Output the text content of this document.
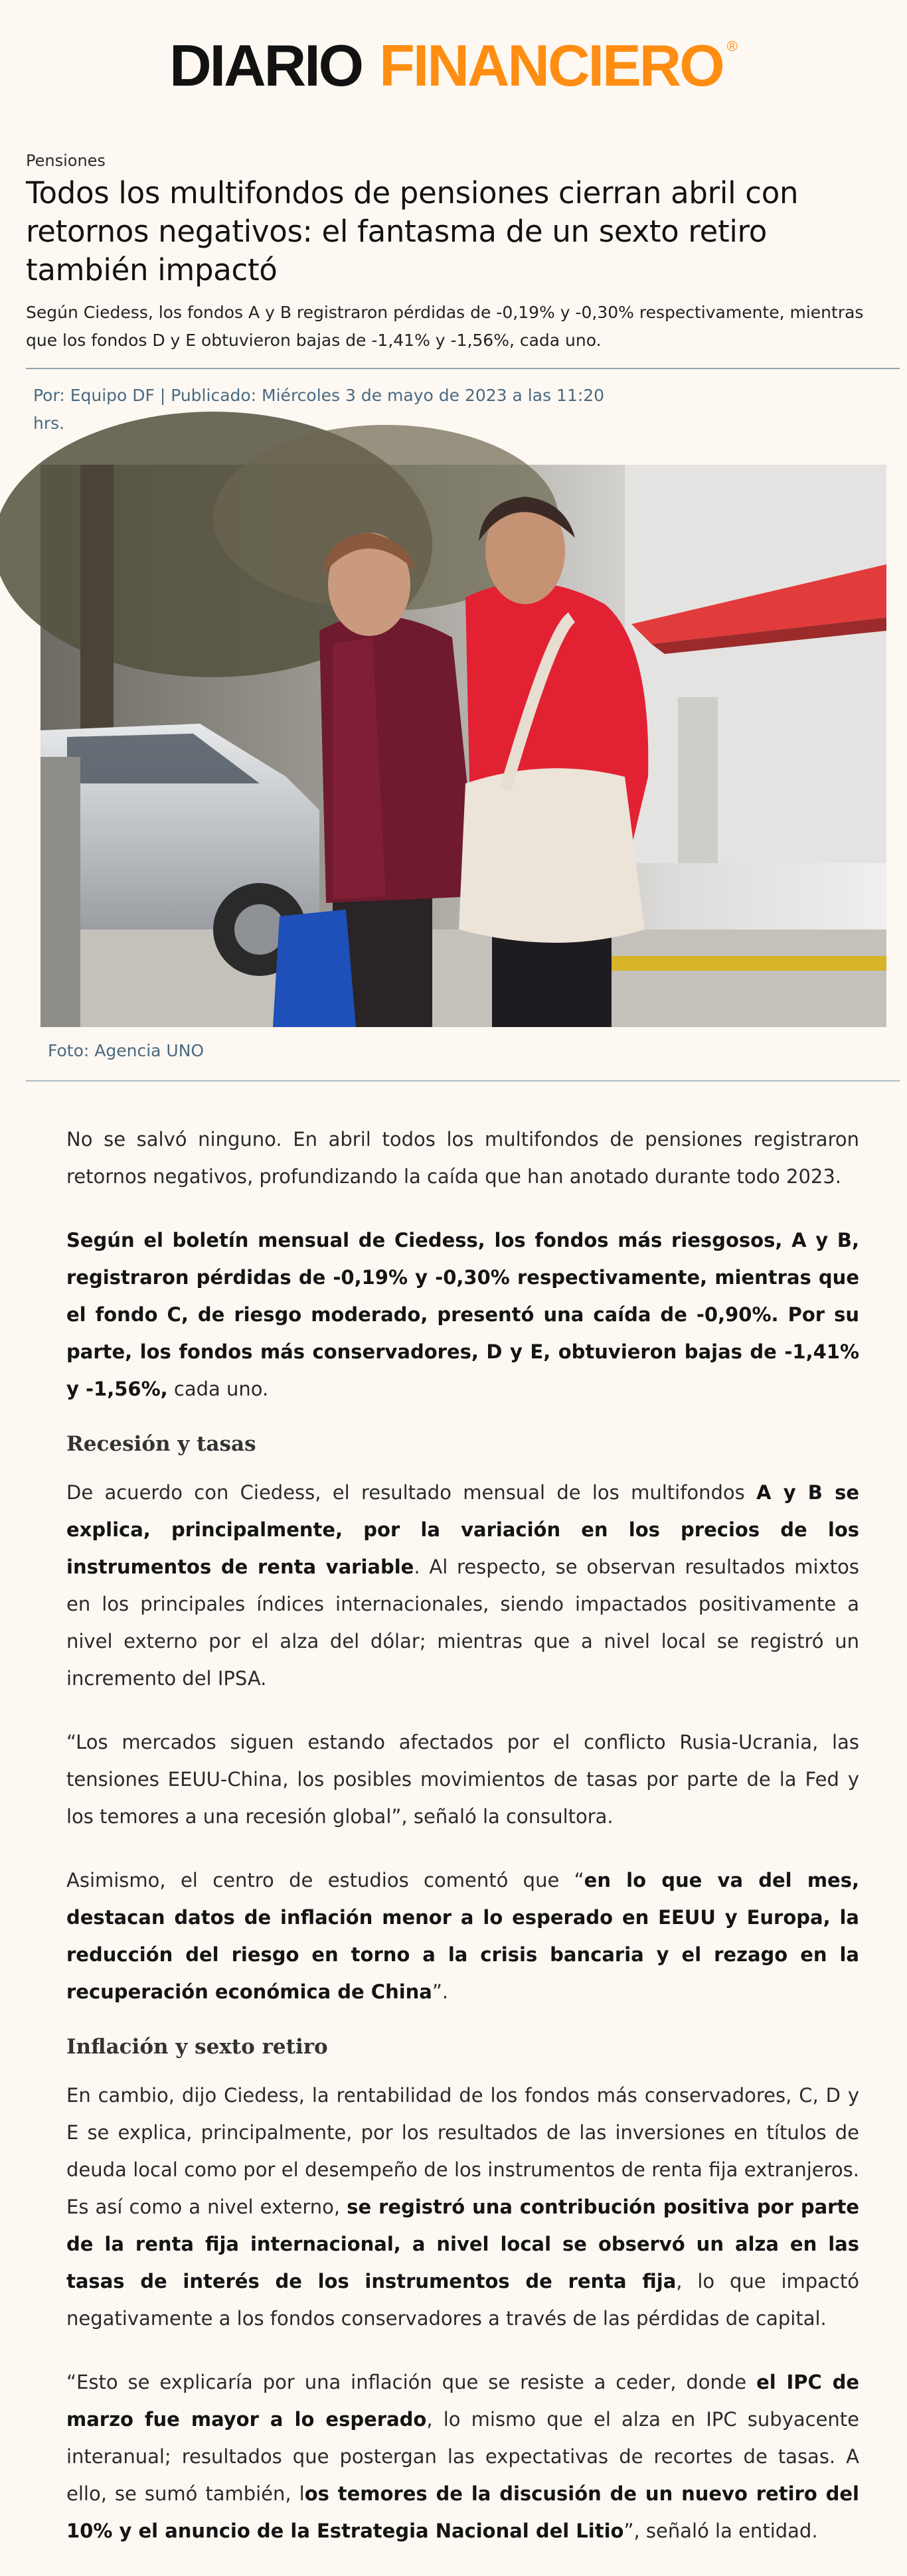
DIARIO FINANCIERO ®
Pensiones
Todos los multifondos de pensiones cierran abril con retornos negativos: el fantasma de un sexto retiro también impactó

Según Ciedess, los fondos A y B registraron pérdidas de -0,19% y -0,30% respectivamente, mientras que los fondos D y E obtuvieron bajas de -1,41% y -1,56%, cada uno.

Por: Equipo DF | Publicado: Miércoles 3 de mayo de 2023 a las 11:20 hrs.

Foto: Agencia UNO

No se salvó ninguno. En abril todos los multifondos de pensiones registraron retornos negativos, profundizando la caída que han anotado durante todo 2023.

Según el boletín mensual de Ciedess, los fondos más riesgosos, A y B, registraron pérdidas de -0,19% y -0,30% respectivamente, mientras que el fondo C, de riesgo moderado, presentó una caída de -0,90%. Por su parte, los fondos más conservadores, D y E, obtuvieron bajas de -1,41% y -1,56%, cada uno.

Recesión y tasas

De acuerdo con Ciedess, el resultado mensual de los multifondos A y B se explica, principalmente, por la variación en los precios de los instrumentos de renta variable. Al respecto, se observan resultados mixtos en los principales índices internacionales, siendo impactados positivamente a nivel externo por el alza del dólar; mientras que a nivel local se registró un incremento del IPSA.

“Los mercados siguen estando afectados por el conflicto Rusia-Ucrania, las tensiones EEUU-China, los posibles movimientos de tasas por parte de la Fed y los temores a una recesión global”, señaló la consultora.

Asimismo, el centro de estudios comentó que “en lo que va del mes, destacan datos de inflación menor a lo esperado en EEUU y Europa, la reducción del riesgo en torno a la crisis bancaria y el rezago en la recuperación económica de China”.

Inflación y sexto retiro

En cambio, dijo Ciedess, la rentabilidad de los fondos más conservadores, C, D y E se explica, principalmente, por los resultados de las inversiones en títulos de deuda local como por el desempeño de los instrumentos de renta fija extranjeros. Es así como a nivel externo, se registró una contribución positiva por parte de la renta fija internacional, a nivel local se observó un alza en las tasas de interés de los instrumentos de renta fija, lo que impactó negativamente a los fondos conservadores a través de las pérdidas de capital.

“Esto se explicaría por una inflación que se resiste a ceder, donde el IPC de marzo fue mayor a lo esperado, lo mismo que el alza en IPC subyacente interanual; resultados que postergan las expectativas de recortes de tasas. A ello, se sumó también, los temores de la discusión de un nuevo retiro del 10% y el anuncio de la Estrategia Nacional del Litio”, señaló la entidad.
